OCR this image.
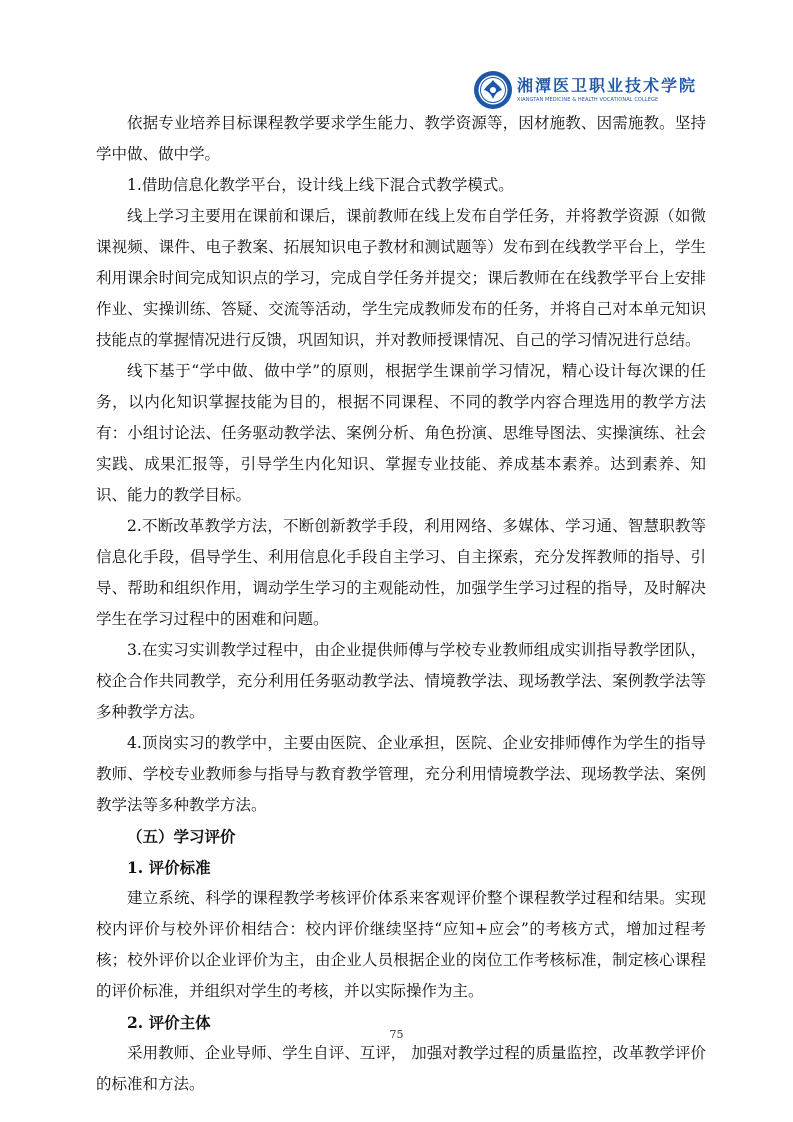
湘潭医卫职业技术学院
XIANGTAN MEDICINE & HEALTH VOCATIONAL COLLEGE

依据专业培养目标课程教学要求学生能力、教学资源等，因材施教、因需施教。坚持学中做、做中学。

1.借助信息化教学平台，设计线上线下混合式教学模式。

线上学习主要用在课前和课后，课前教师在线上发布自学任务，并将教学资源（如微课视频、课件、电子教案、拓展知识电子教材和测试题等）发布到在线教学平台上，学生利用课余时间完成知识点的学习，完成自学任务并提交；课后教师在在线教学平台上安排作业、实操训练、答疑、交流等活动，学生完成教师发布的任务，并将自己对本单元知识技能点的掌握情况进行反馈，巩固知识，并对教师授课情况、自己的学习情况进行总结。

线下基于“学中做、做中学”的原则，根据学生课前学习情况，精心设计每次课的任务，以内化知识掌握技能为目的，根据不同课程、不同的教学内容合理选用的教学方法有：小组讨论法、任务驱动教学法、案例分析、角色扮演、思维导图法、实操演练、社会实践、成果汇报等，引导学生内化知识、掌握专业技能、养成基本素养。达到素养、知识、能力的教学目标。

2.不断改革教学方法，不断创新教学手段，利用网络、多媒体、学习通、智慧职教等信息化手段，倡导学生、利用信息化手段自主学习、自主探索，充分发挥教师的指导、引导、帮助和组织作用，调动学生学习的主观能动性，加强学生学习过程的指导，及时解决学生在学习过程中的困难和问题。

3.在实习实训教学过程中，由企业提供师傅与学校专业教师组成实训指导教学团队，校企合作共同教学，充分利用任务驱动教学法、情境教学法、现场教学法、案例教学法等多种教学方法。

4.顶岗实习的教学中，主要由医院、企业承担，医院、企业安排师傅作为学生的指导教师、学校专业教师参与指导与教育教学管理，充分利用情境教学法、现场教学法、案例教学法等多种教学方法。

（五）学习评价

1. 评价标准

建立系统、科学的课程教学考核评价体系来客观评价整个课程教学过程和结果。实现校内评价与校外评价相结合：校内评价继续坚持“应知+应会”的考核方式，增加过程考核；校外评价以企业评价为主，由企业人员根据企业的岗位工作考核标准，制定核心课程的评价标准，并组织对学生的考核，并以实际操作为主。

2. 评价主体

采用教师、企业导师、学生自评、互评， 加强对教学过程的质量监控，改革教学评价的标准和方法。

75
